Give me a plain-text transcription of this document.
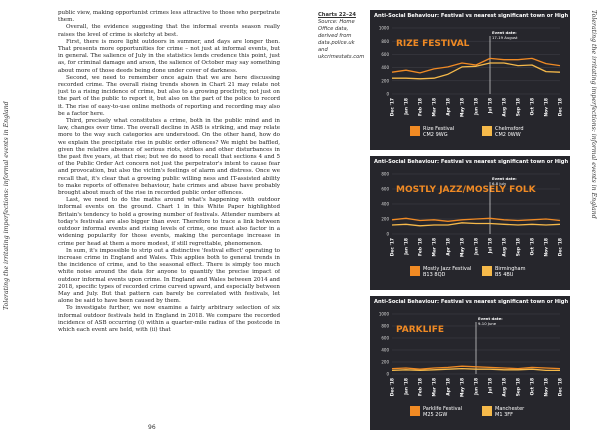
Tolerating the irritating imperfections: informal events in England	Tolerating the irritating imperfections: informal events in England

public view, making opportunist crimes less attractive to those who perpetrate them.

Overall, the evidence suggesting that the informal events season really raises the level of crime is sketchy at best.

First, there is more light outdoors in summer, and days are longer then. That presents more opportunities for crime – not just at informal events, but in general. The salience of July in the statistics lends credence this point, just as, for criminal damage and arson, the salience of October may say something about more of those deeds being done under cover of darkness.

Second, we need to remember once again that we are here discussing recorded crime. The overall rising trends shown in Chart 21 may relate not just to a rising incidence of crime, but also to a growing proclivity, not just on the part of the public to report it, but also on the part of the police to record it. The rise of easy-to-use online methods of reporting and recording may also be a factor here.

Third, precisely what constitutes a crime, both in the public mind and in law, changes over time. The overall decline in ASB is striking, and may relate more to the way such categories are understood. On the other hand, how do we explain the precipitate rise in public order offences? We might be baffled, given the relative absence of serious riots, strikes and other disturbances in the past five years, at that rise; but we do need to recall that sections 4 and 5 of the Public Order Act concern not just the perpetrator's intent to cause fear and provocation, but also the victim's feelings of alarm and distress. Once we recall that, it's clear that a growing public willing ness and IT-assisted ability to make reports of offensive behaviour, hate crimes and abuse have probably brought about much of the rise in recorded public order offences.

Last, we need to do the maths around what's happening with outdoor informal events on the ground. Chart 1 in this White Paper highlighted Britain's tendency to hold a growing number of festivals. Attender numbers at today's festivals are also bigger than ever. Therefore to trace a link between outdoor informal events and rising levels of crime, one must also factor in a widening popularity for those events, making the percentage increase in crime per head at them a more modest, if still regrettable, phenomenon.

In sum, it's impossible to strip out a distinctive 'festival effect' operating to increase crime in England and Wales. This applies both to general trends in the incidence of crime, and to the seasonal effect. There is simply too much white noise around the data for anyone to quantify the precise impact of outdoor informal events upon crime. In England and Wales between 2014 and 2018, specific types of recorded crime curved upward, and especially between May and July. But that pattern can barely be correlated with festivals, let alone be said to have been caused by them.

To investigate further, we now examine a fairly arbitrary selection of six informal outdoor festivals held in England in 2018. We compare the recorded incidence of ASB occurring (i) within a quarter-mile radius of the postcode in which each event are held, with (ii) that

96
Charts 22–24
Source: Home Office data, derived from
data.police.uk and
ukcrimestats.com
Anti-Social Behaviour: Festival vs nearest significant town or High Street
0
200
400
600
800
1000
RIZE FESTIVAL
Event date:
17-19 August
Dec '17 Jan '18 Feb '18 Mar '18 Apr '18 May '18 Jun '18 Jul '18 Aug '18 Sep '18 Oct '18 Nov '18 Dec '18
Rize Festival
CM2 9WG
Chelmsford
CM2 0WW
Anti-Social Behaviour: Festival vs nearest significant town or High Street
0
200
400
600
800
MOSTLY JAZZ/MOSELY FOLK
Event date:
6-8 July
Dec '17 Jan '18 Feb '18 Mar '18 Apr '18 May '18 Jun '18 Jul '18 Aug '18 Sep '18 Oct '18 Nov '18 Dec '18
Mostly Jazz Festival
B13 8QD
Birmingham
B5 4BU
Anti-Social Behaviour: Festival vs nearest significant town or High Street
0
200
400
600
800
1000
PARKLIFE
Event date:
9-10 June
Dec '18 Jan '18 Feb '18 Mar '18 Apr '18 May '18 Jun '18 Jul '18 Aug '18 Sep '18 Oct '18 Nov '18 Dec '18
Parklife Festival
M25 2GW
Manchester
M1 3FF
